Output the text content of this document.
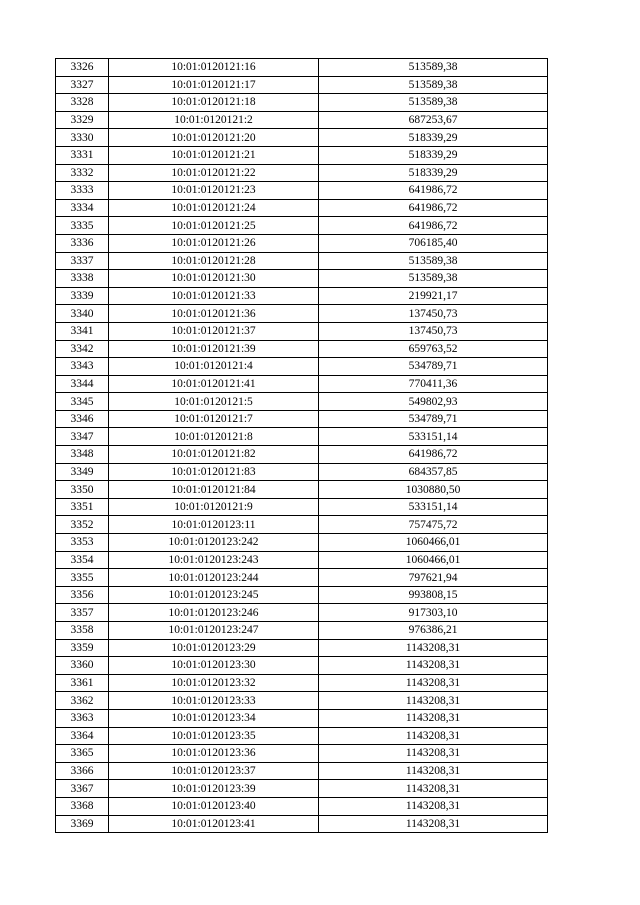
3326	10:01:0120121:16	513589,38
3327	10:01:0120121:17	513589,38
3328	10:01:0120121:18	513589,38
3329	10:01:0120121:2	687253,67
3330	10:01:0120121:20	518339,29
3331	10:01:0120121:21	518339,29
3332	10:01:0120121:22	518339,29
3333	10:01:0120121:23	641986,72
3334	10:01:0120121:24	641986,72
3335	10:01:0120121:25	641986,72
3336	10:01:0120121:26	706185,40
3337	10:01:0120121:28	513589,38
3338	10:01:0120121:30	513589,38
3339	10:01:0120121:33	219921,17
3340	10:01:0120121:36	137450,73
3341	10:01:0120121:37	137450,73
3342	10:01:0120121:39	659763,52
3343	10:01:0120121:4	534789,71
3344	10:01:0120121:41	770411,36
3345	10:01:0120121:5	549802,93
3346	10:01:0120121:7	534789,71
3347	10:01:0120121:8	533151,14
3348	10:01:0120121:82	641986,72
3349	10:01:0120121:83	684357,85
3350	10:01:0120121:84	1030880,50
3351	10:01:0120121:9	533151,14
3352	10:01:0120123:11	757475,72
3353	10:01:0120123:242	1060466,01
3354	10:01:0120123:243	1060466,01
3355	10:01:0120123:244	797621,94
3356	10:01:0120123:245	993808,15
3357	10:01:0120123:246	917303,10
3358	10:01:0120123:247	976386,21
3359	10:01:0120123:29	1143208,31
3360	10:01:0120123:30	1143208,31
3361	10:01:0120123:32	1143208,31
3362	10:01:0120123:33	1143208,31
3363	10:01:0120123:34	1143208,31
3364	10:01:0120123:35	1143208,31
3365	10:01:0120123:36	1143208,31
3366	10:01:0120123:37	1143208,31
3367	10:01:0120123:39	1143208,31
3368	10:01:0120123:40	1143208,31
3369	10:01:0120123:41	1143208,31
